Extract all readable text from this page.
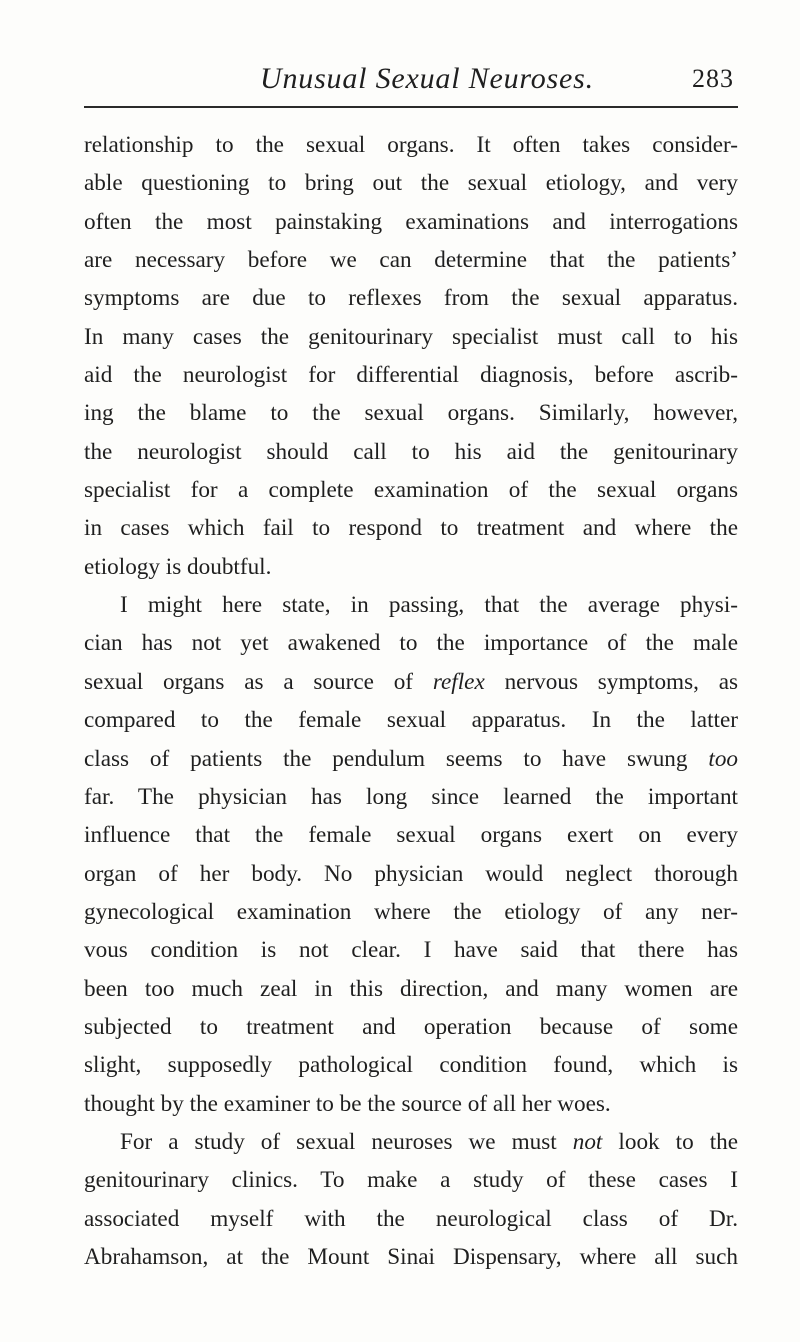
Unusual Sexual Neuroses.	283
relationship to the sexual organs. It often takes consider-
able questioning to bring out the sexual etiology, and very
often the most painstaking examinations and interrogations
are necessary before we can determine that the patients’
symptoms are due to reflexes from the sexual apparatus.
In many cases the genitourinary specialist must call to his
aid the neurologist for differential diagnosis, before ascrib-
ing the blame to the sexual organs. Similarly, however,
the neurologist should call to his aid the genitourinary
specialist for a complete examination of the sexual organs
in cases which fail to respond to treatment and where the
etiology is doubtful.
I might here state, in passing, that the average physi-
cian has not yet awakened to the importance of the male
sexual organs as a source of reflex nervous symptoms, as
compared to the female sexual apparatus. In the latter
class of patients the pendulum seems to have swung too
far. The physician has long since learned the important
influence that the female sexual organs exert on every
organ of her body. No physician would neglect thorough
gynecological examination where the etiology of any ner-
vous condition is not clear. I have said that there has
been too much zeal in this direction, and many women are
subjected to treatment and operation because of some
slight, supposedly pathological condition found, which is
thought by the examiner to be the source of all her woes.
For a study of sexual neuroses we must not look to the
genitourinary clinics. To make a study of these cases I
associated myself with the neurological class of Dr.
Abrahamson, at the Mount Sinai Dispensary, where all such
